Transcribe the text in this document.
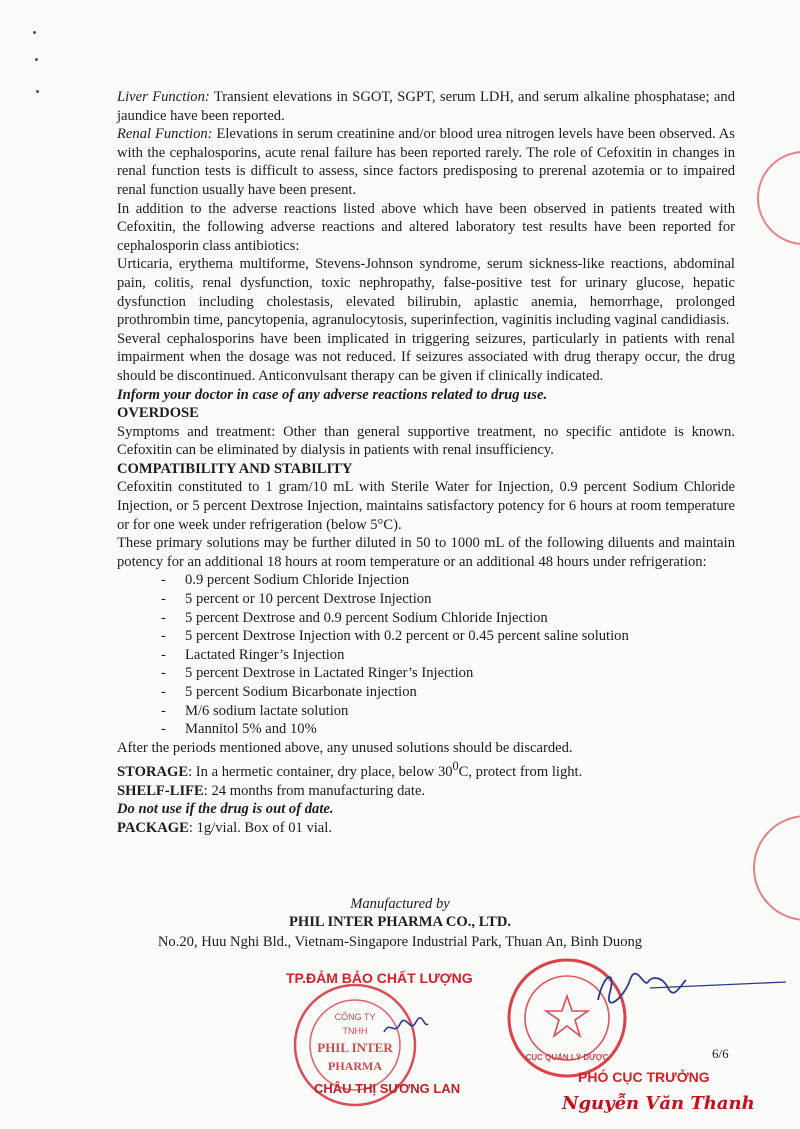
Liver Function: Transient elevations in SGOT, SGPT, serum LDH, and serum alkaline phosphatase; and jaundice have been reported.

Renal Function: Elevations in serum creatinine and/or blood urea nitrogen levels have been observed. As with the cephalosporins, acute renal failure has been reported rarely. The role of Cefoxitin in changes in renal function tests is difficult to assess, since factors predisposing to prerenal azotemia or to impaired renal function usually have been present.

In addition to the adverse reactions listed above which have been observed in patients treated with Cefoxitin, the following adverse reactions and altered laboratory test results have been reported for cephalosporin class antibiotics:

Urticaria, erythema multiforme, Stevens-Johnson syndrome, serum sickness-like reactions, abdominal pain, colitis, renal dysfunction, toxic nephropathy, false-positive test for urinary glucose, hepatic dysfunction including cholestasis, elevated bilirubin, aplastic anemia, hemorrhage, prolonged prothrombin time, pancytopenia, agranulocytosis, superinfection, vaginitis including vaginal candidiasis.

Several cephalosporins have been implicated in triggering seizures, particularly in patients with renal impairment when the dosage was not reduced. If seizures associated with drug therapy occur, the drug should be discontinued. Anticonvulsant therapy can be given if clinically indicated.

Inform your doctor in case of any adverse reactions related to drug use.

OVERDOSE

Symptoms and treatment: Other than general supportive treatment, no specific antidote is known. Cefoxitin can be eliminated by dialysis in patients with renal insufficiency.

COMPATIBILITY AND STABILITY

Cefoxitin constituted to 1 gram/10 mL with Sterile Water for Injection, 0.9 percent Sodium Chloride Injection, or 5 percent Dextrose Injection, maintains satisfactory potency for 6 hours at room temperature or for one week under refrigeration (below 5°C).

These primary solutions may be further diluted in 50 to 1000 mL of the following diluents and maintain potency for an additional 18 hours at room temperature or an additional 48 hours under refrigeration:

-	0.9 percent Sodium Chloride Injection
-	5 percent or 10 percent Dextrose Injection
-	5 percent Dextrose and 0.9 percent Sodium Chloride Injection
-	5 percent Dextrose Injection with 0.2 percent or 0.45 percent saline solution
-	Lactated Ringer’s Injection
-	5 percent Dextrose in Lactated Ringer’s Injection
-	5 percent Sodium Bicarbonate injection
-	M/6 sodium lactate solution
-	Mannitol 5% and 10%

After the periods mentioned above, any unused solutions should be discarded.

STORAGE: In a hermetic container, dry place, below $30^0C$, protect from light.

SHELF-LIFE: 24 months from manufacturing date.

Do not use if the drug is out of date.

PACKAGE: 1g/vial. Box of 01 vial.

Manufactured by
PHIL INTER PHARMA CO., LTD.
No.20, Huu Nghi Bld., Vietnam-Singapore Industrial Park, Thuan An, Binh Duong
CÔNG TY
TNHH
PHIL INTER
PHARMA
TP.ĐẢM BẢO CHẤT LƯỢNG
CỤC QUẢN LÝ DƯỢC	6/6
CHÂU THỊ SƯƠNG LAN
PHÓ CỤC TRƯỞNG
Nguyễn Văn Thanh
